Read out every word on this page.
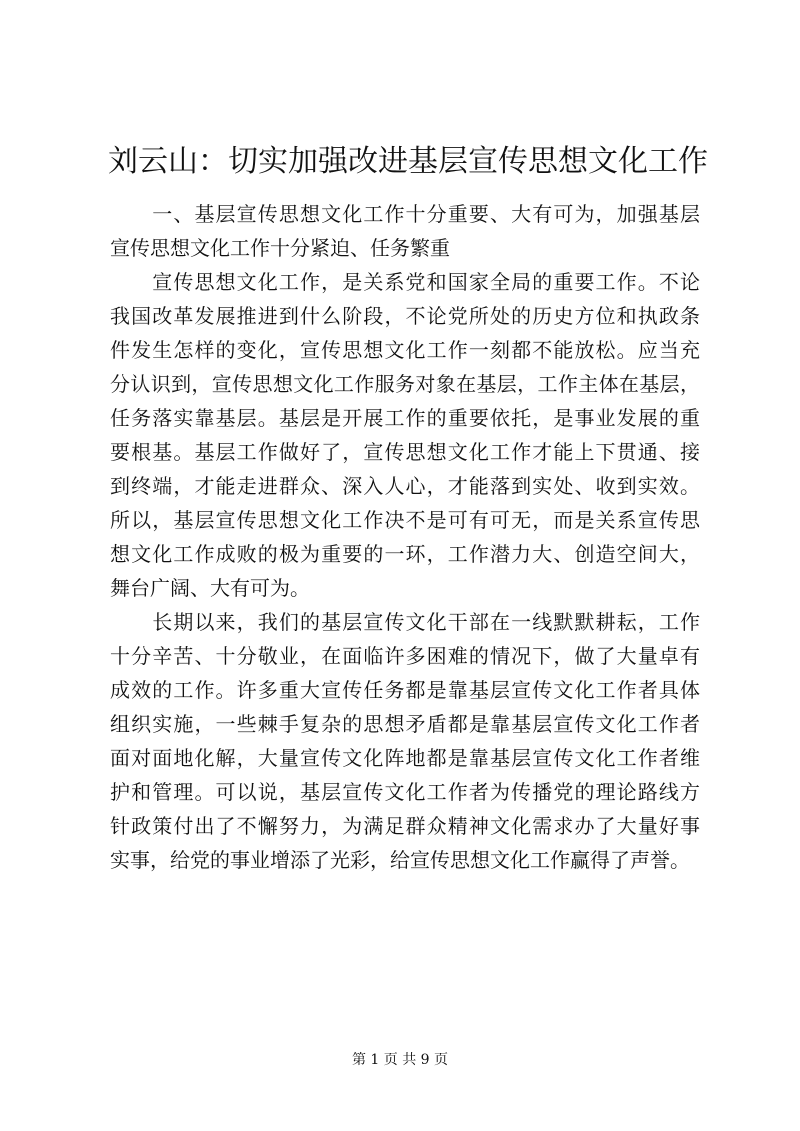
刘云山：切实加强改进基层宣传思想文化工作
　　一、基层宣传思想文化工作十分重要、大有可为，加强基层
宣传思想文化工作十分紧迫、任务繁重
　　宣传思想文化工作，是关系党和国家全局的重要工作。不论
我国改革发展推进到什么阶段，不论党所处的历史方位和执政条
件发生怎样的变化，宣传思想文化工作一刻都不能放松。应当充
分认识到，宣传思想文化工作服务对象在基层，工作主体在基层，
任务落实靠基层。基层是开展工作的重要依托，是事业发展的重
要根基。基层工作做好了，宣传思想文化工作才能上下贯通、接
到终端，才能走进群众、深入人心，才能落到实处、收到实效。
所以，基层宣传思想文化工作决不是可有可无，而是关系宣传思
想文化工作成败的极为重要的一环，工作潜力大、创造空间大，
舞台广阔、大有可为。
　　长期以来，我们的基层宣传文化干部在一线默默耕耘，工作
十分辛苦、十分敬业，在面临许多困难的情况下，做了大量卓有
成效的工作。许多重大宣传任务都是靠基层宣传文化工作者具体
组织实施，一些棘手复杂的思想矛盾都是靠基层宣传文化工作者
面对面地化解，大量宣传文化阵地都是靠基层宣传文化工作者维
护和管理。可以说，基层宣传文化工作者为传播党的理论路线方
针政策付出了不懈努力，为满足群众精神文化需求办了大量好事
实事，给党的事业增添了光彩，给宣传思想文化工作赢得了声誉。
第 1 页 共 9 页
